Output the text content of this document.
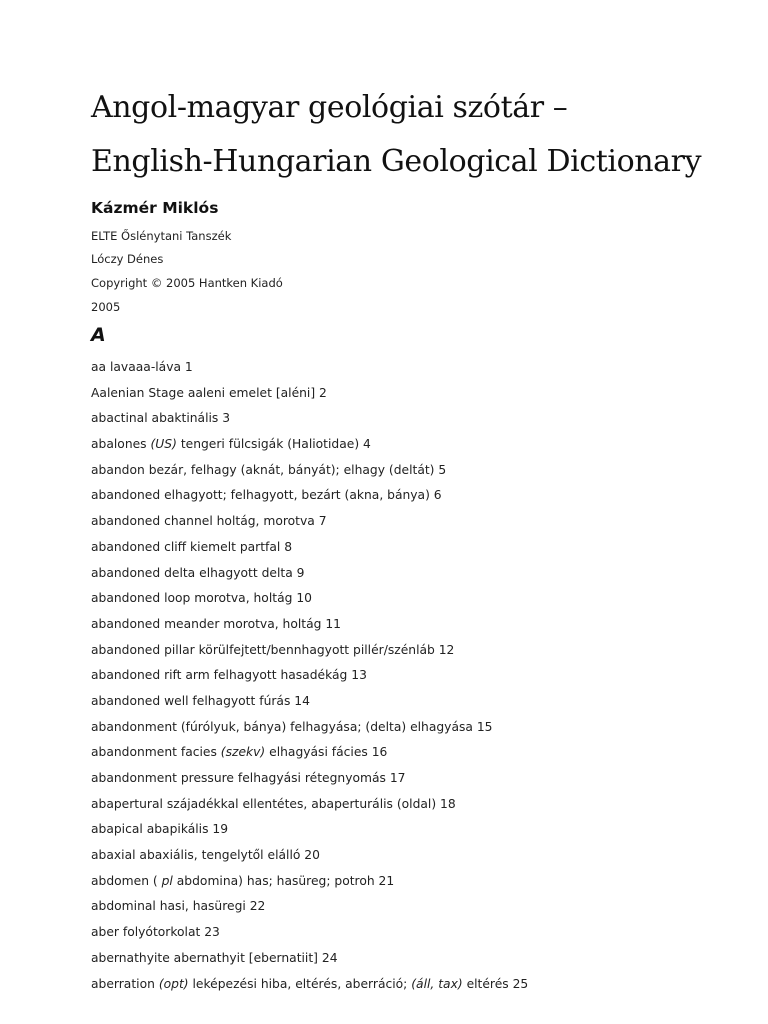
Angol-magyar geológiai szótár –
English-Hungarian Geological Dictionary
Kázmér Miklós
ELTE Őslénytani Tanszék
Lóczy Dénes
Copyright © 2005 Hantken Kiadó
2005
A
aa lavaaa-láva 1
Aalenian Stage aaleni emelet [aléni] 2
abactinal abaktinális 3
abalones (US) tengeri fülcsigák (Haliotidae) 4
abandon bezár, felhagy (aknát, bányát); elhagy (deltát) 5
abandoned elhagyott; felhagyott, bezárt (akna, bánya) 6
abandoned channel holtág, morotva 7
abandoned cliff kiemelt partfal 8
abandoned delta elhagyott delta 9
abandoned loop morotva, holtág 10
abandoned meander morotva, holtág 11
abandoned pillar körülfejtett/bennhagyott pillér/szénláb 12
abandoned rift arm felhagyott hasadékág 13
abandoned well felhagyott fúrás 14
abandonment (fúrólyuk, bánya) felhagyása; (delta) elhagyása 15
abandonment facies (szekv) elhagyási fácies 16
abandonment pressure felhagyási rétegnyomás 17
abapertural szájadékkal ellentétes, abaperturális (oldal) 18
abapical abapikális 19
abaxial abaxiális, tengelytől elálló 20
abdomen ( pl abdomina) has; hasüreg; potroh 21
abdominal hasi, hasüregi 22
aber folyótorkolat 23
abernathyite abernathyit [ebernatiit] 24
aberration (opt) leképezési hiba, eltérés, aberráció; (áll, tax) eltérés 25
